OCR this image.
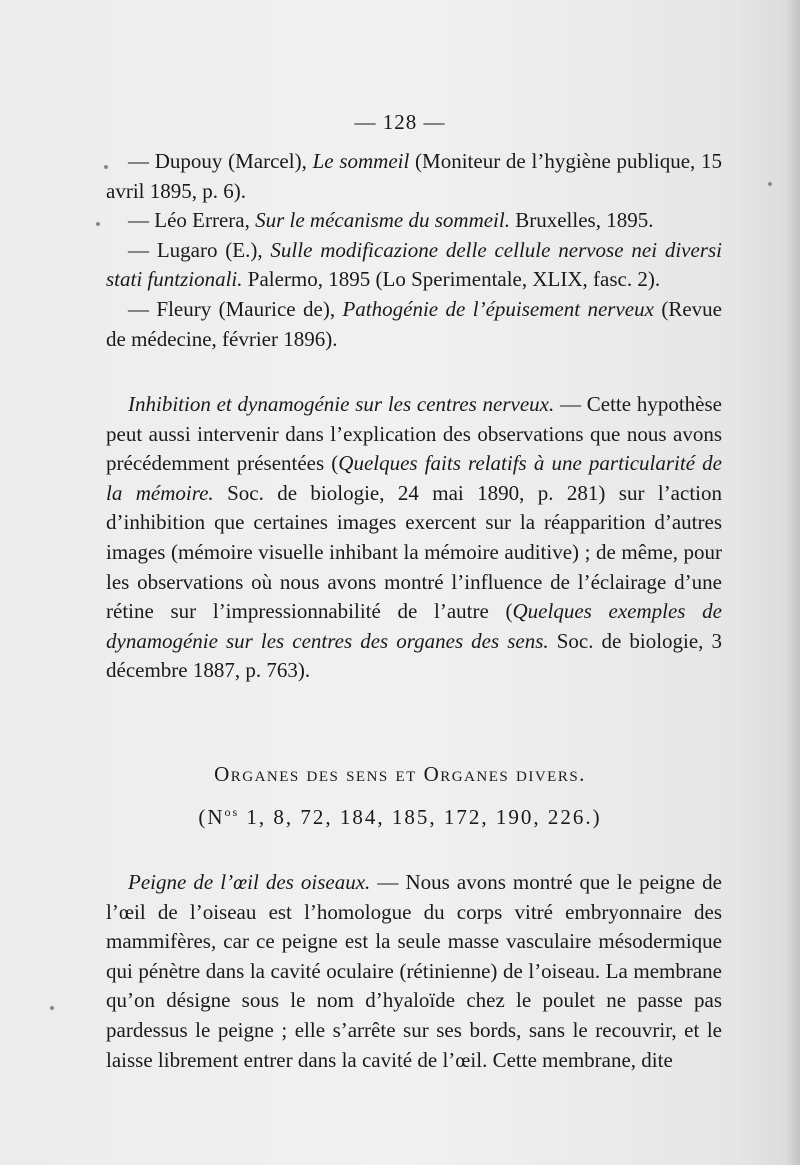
— 128 —

— Dupouy (Marcel), Le sommeil (Moniteur de l’hygiène publique, 15 avril 1895, p. 6).

— Léo Errera, Sur le mécanisme du sommeil. Bruxelles, 1895.

— Lugaro (E.), Sulle modificazione delle cellule nervose nei diversi stati funtzionali. Palermo, 1895 (Lo Sperimentale, XLIX, fasc. 2).

— Fleury (Maurice de), Pathogénie de l’épuisement nerveux (Revue de médecine, février 1896).

Inhibition et dynamogénie sur les centres nerveux. — Cette hypothèse peut aussi intervenir dans l’explication des observations que nous avons précédemment présentées (Quelques faits relatifs à une particularité de la mémoire. Soc. de biologie, 24 mai 1890, p. 281) sur l’action d’inhibition que certaines images exercent sur la réapparition d’autres images (mémoire visuelle inhibant la mémoire auditive) ; de même, pour les observations où nous avons montré l’influence de l’éclairage d’une rétine sur l’impressionnabilité de l’autre (Quelques exemples de dynamogénie sur les centres des organes des sens. Soc. de biologie, 3 décembre 1887, p. 763).

Organes des sens et Organes divers.
($N^{os}$ 1, 8, 72, 184, 185, 172, 190, 226.)

Peigne de l’œil des oiseaux. — Nous avons montré que le peigne de l’œil de l’oiseau est l’homologue du corps vitré embryonnaire des mammifères, car ce peigne est la seule masse vasculaire mésodermique qui pénètre dans la cavité oculaire (rétinienne) de l’oiseau. La membrane qu’on désigne sous le nom d’hyaloïde chez le poulet ne passe pas pardessus le peigne ; elle s’arrête sur ses bords, sans le recouvrir, et le laisse librement entrer dans la cavité de l’œil. Cette membrane, dite
